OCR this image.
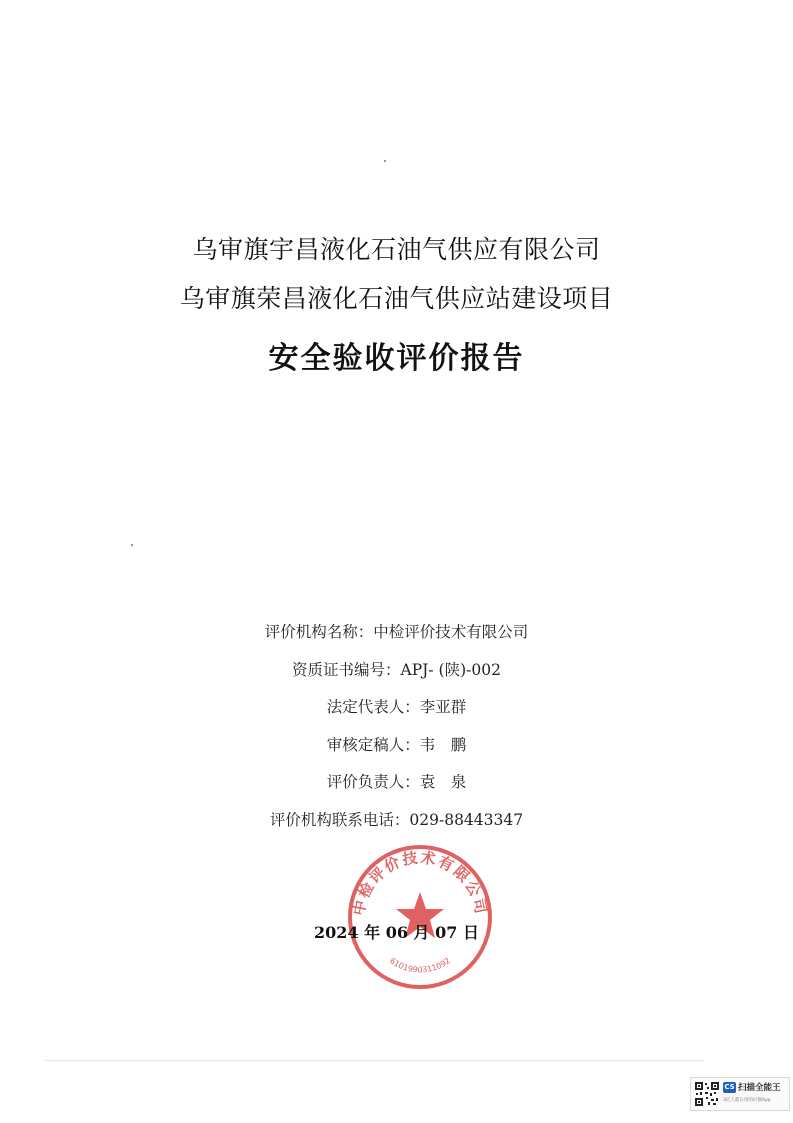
乌审旗宇昌液化石油气供应有限公司
乌审旗荣昌液化石油气供应站建设项目
安全验收评价报告
评价机构名称：中检评价技术有限公司
资质证书编号：APJ- (陕)-002
法定代表人：李亚群
审核定稿人：韦　鹏
评价负责人：袁　泉
评价机构联系电话：029-88443347
中检评价技术有限公司
6101990311092
2024 年 06 月 07 日
CS 扫描全能王
3亿人都在用的扫描App
